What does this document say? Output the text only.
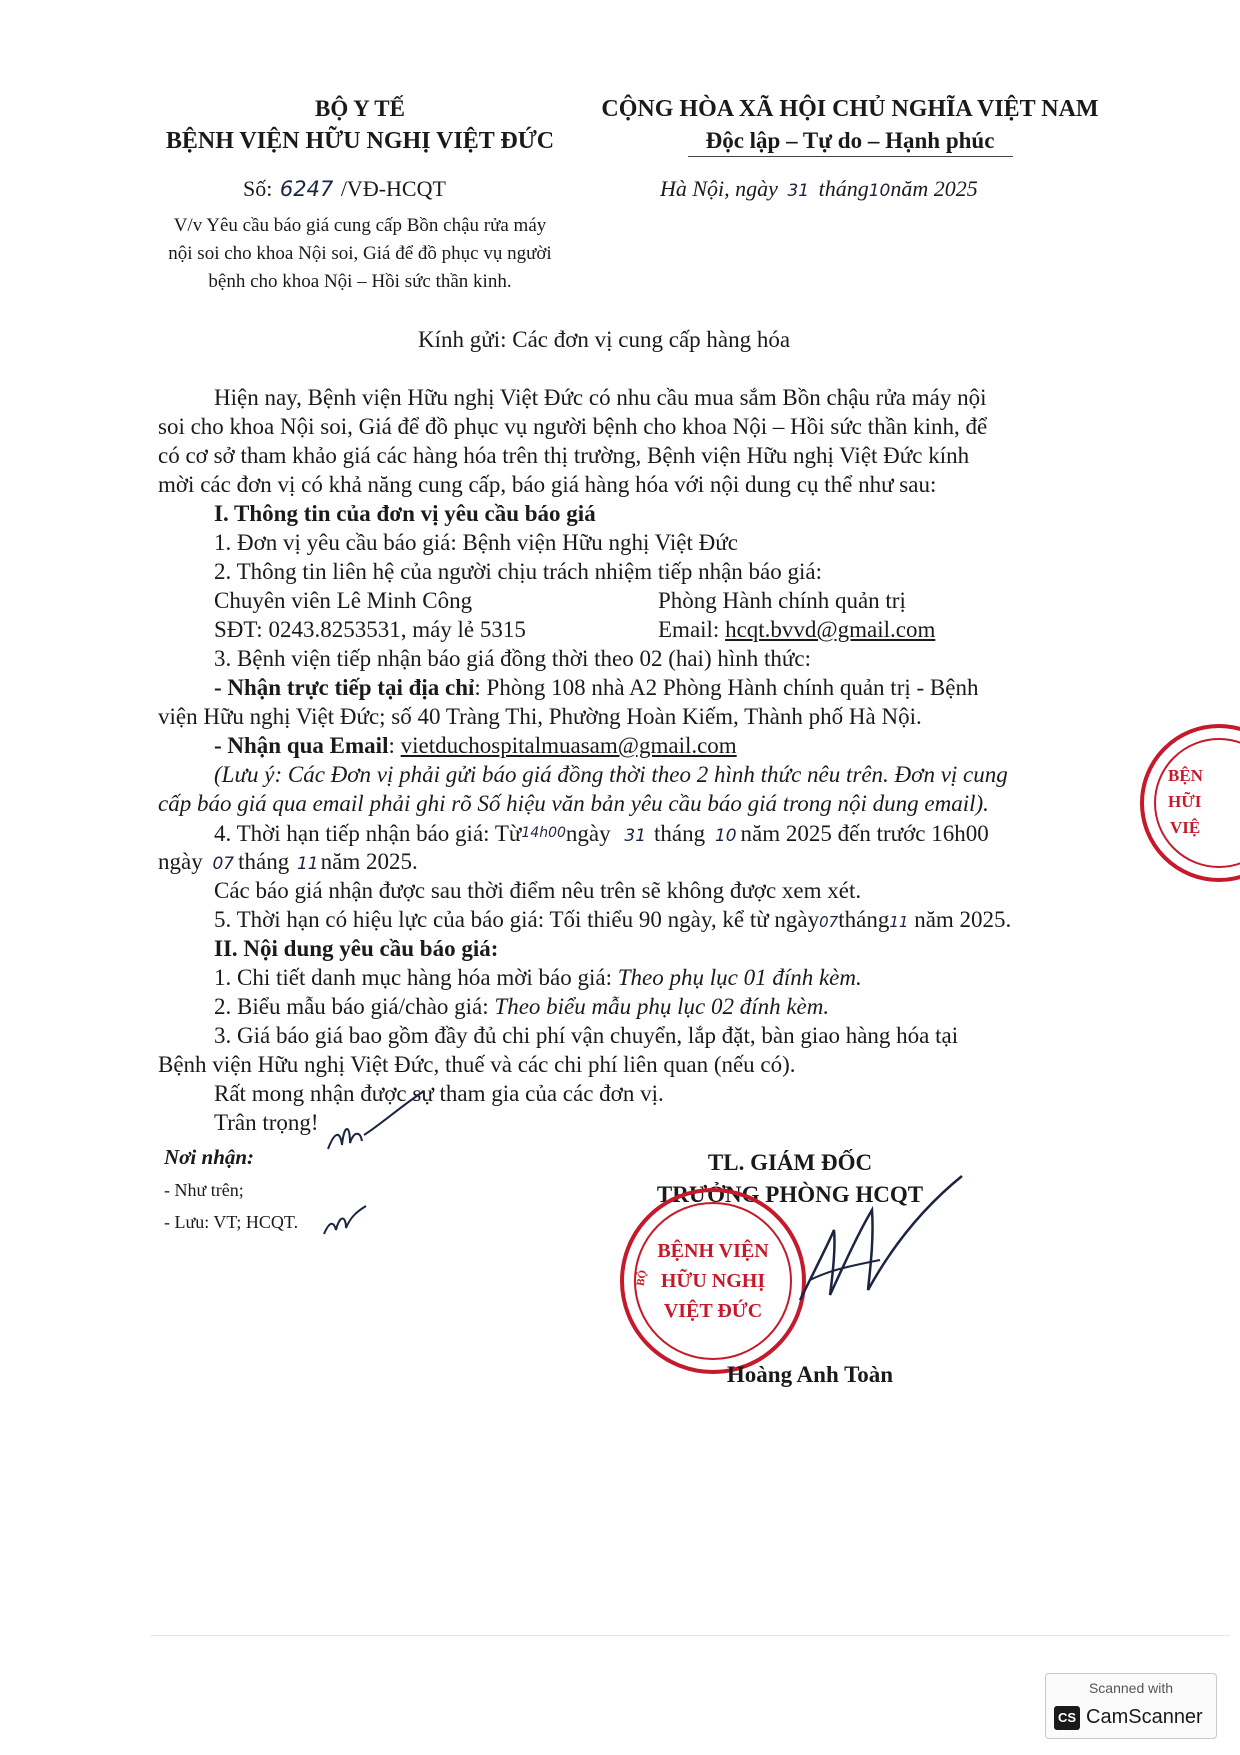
BỘ Y TẾ
BỆNH VIỆN HỮU NGHỊ VIỆT ĐỨC
Số: 6247 /VĐ-HCQT
V/v Yêu cầu báo giá cung cấp Bồn chậu rửa máy
nội soi cho khoa Nội soi, Giá để đồ phục vụ người
bệnh cho khoa Nội – Hồi sức thần kinh.
CỘNG HÒA XÃ HỘI CHỦ NGHĨA VIỆT NAM
Độc lập – Tự do – Hạnh phúc
Hà Nội, ngày 31 tháng10năm 2025
Kính gửi: Các đơn vị cung cấp hàng hóa
Hiện nay, Bệnh viện Hữu nghị Việt Đức có nhu cầu mua sắm Bồn chậu rửa máy nội
soi cho khoa Nội soi, Giá để đồ phục vụ người bệnh cho khoa Nội – Hồi sức thần kinh, để
có cơ sở tham khảo giá các hàng hóa trên thị trường, Bệnh viện Hữu nghị Việt Đức kính
mời các đơn vị có khả năng cung cấp, báo giá hàng hóa với nội dung cụ thể như sau:
I. Thông tin của đơn vị yêu cầu báo giá
1. Đơn vị yêu cầu báo giá: Bệnh viện Hữu nghị Việt Đức
2. Thông tin liên hệ của người chịu trách nhiệm tiếp nhận báo giá:
Chuyên viên Lê Minh Công	Phòng Hành chính quản trị
SĐT: 0243.8253531, máy lẻ 5315	Email: hcqt.bvvd@gmail.com
3. Bệnh viện tiếp nhận báo giá đồng thời theo 02 (hai) hình thức:
- Nhận trực tiếp tại địa chỉ: Phòng 108 nhà A2 Phòng Hành chính quản trị - Bệnh
viện Hữu nghị Việt Đức; số 40 Tràng Thi, Phường Hoàn Kiếm, Thành phố Hà Nội.
- Nhận qua Email: vietduchospitalmuasam@gmail.com
(Lưu ý: Các Đơn vị phải gửi báo giá đồng thời theo 2 hình thức nêu trên. Đơn vị cung
cấp báo giá qua email phải ghi rõ Số hiệu văn bản yêu cầu báo giá trong nội dung email).
4. Thời hạn tiếp nhận báo giá: Từ14h00ngày 31 tháng 10 năm 2025 đến trước 16h00
ngày 07 tháng 11năm 2025.
Các báo giá nhận được sau thời điểm nêu trên sẽ không được xem xét.
5. Thời hạn có hiệu lực của báo giá: Tối thiểu 90 ngày, kể từ ngày07tháng11 năm 2025.
II. Nội dung yêu cầu báo giá:
1. Chi tiết danh mục hàng hóa mời báo giá: Theo phụ lục 01 đính kèm.
2. Biểu mẫu báo giá/chào giá: Theo biểu mẫu phụ lục 02 đính kèm.
3. Giá báo giá bao gồm đầy đủ chi phí vận chuyển, lắp đặt, bàn giao hàng hóa tại
Bệnh viện Hữu nghị Việt Đức, thuế và các chi phí liên quan (nếu có).
Rất mong nhận được sự tham gia của các đơn vị.
Trân trọng!
Nơi nhận:
- Như trên;
- Lưu: VT; HCQT.
TL. GIÁM ĐỐC
TRƯỞNG PHÒNG HCQT
BỆNH VIỆN
HỮU NGHỊ
VIỆT ĐỨC
BỘ
Hoàng Anh Toàn
BỆN
HỮI
VIỆ
Scanned with
CS CamScanner
